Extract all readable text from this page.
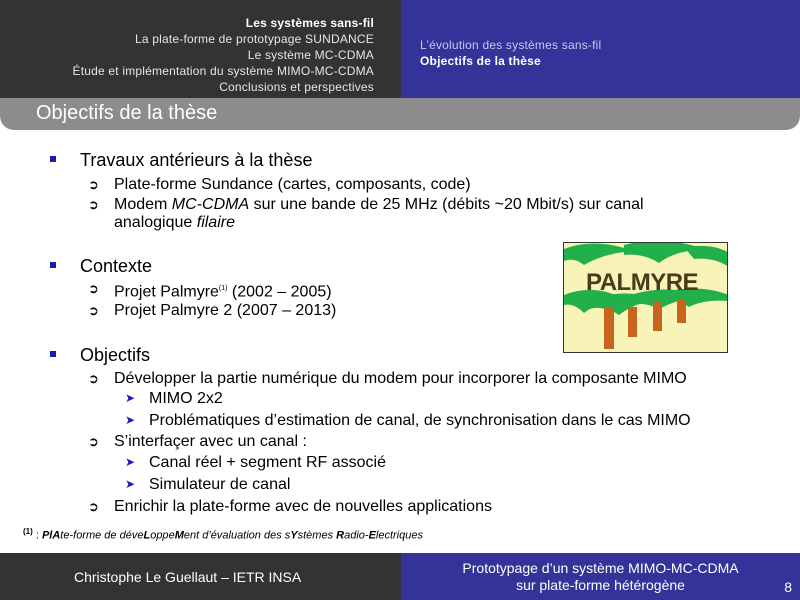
Les systèmes sans-fil
La plate-forme de prototypage SUNDANCE
Le système MC-CDMA
Étude et implémentation du système MIMO-MC-CDMA
Conclusions et perspectives
L’évolution des systèmes sans-fil
Objectifs de la thèse
Objectifs de la thèse
Travaux antérieurs à la thèse
➲ Plate-forme Sundance (cartes, composants, code)
➲ Modem MC-CDMA sur une bande de 25 MHz (débits ~20 Mbit/s) sur canal
analogique filaire
Contexte
➲ Projet Palmyre$^{(1)}$ (2002 – 2005)
➲ Projet Palmyre 2 (2007 – 2013)
Objectifs
➲ Développer la partie numérique du modem pour incorporer la composante MIMO
➤ MIMO 2x2
➤ Problématiques d’estimation de canal, de synchronisation dans le cas MIMO
➲ S’interfaçer avec un canal :
➤ Canal réel + segment RF associé
➤ Simulateur de canal
➲ Enrichir la plate-forme avec de nouvelles applications
PALMYRE
$^{(1)}$ : PlAte-forme de déveLoppeMent d’évaluation des sYstèmes Radio-Electriques
Christophe Le Guellaut – IETR INSA
Prototypage d’un système MIMO-MC-CDMA
sur plate-forme hétérogène	8
